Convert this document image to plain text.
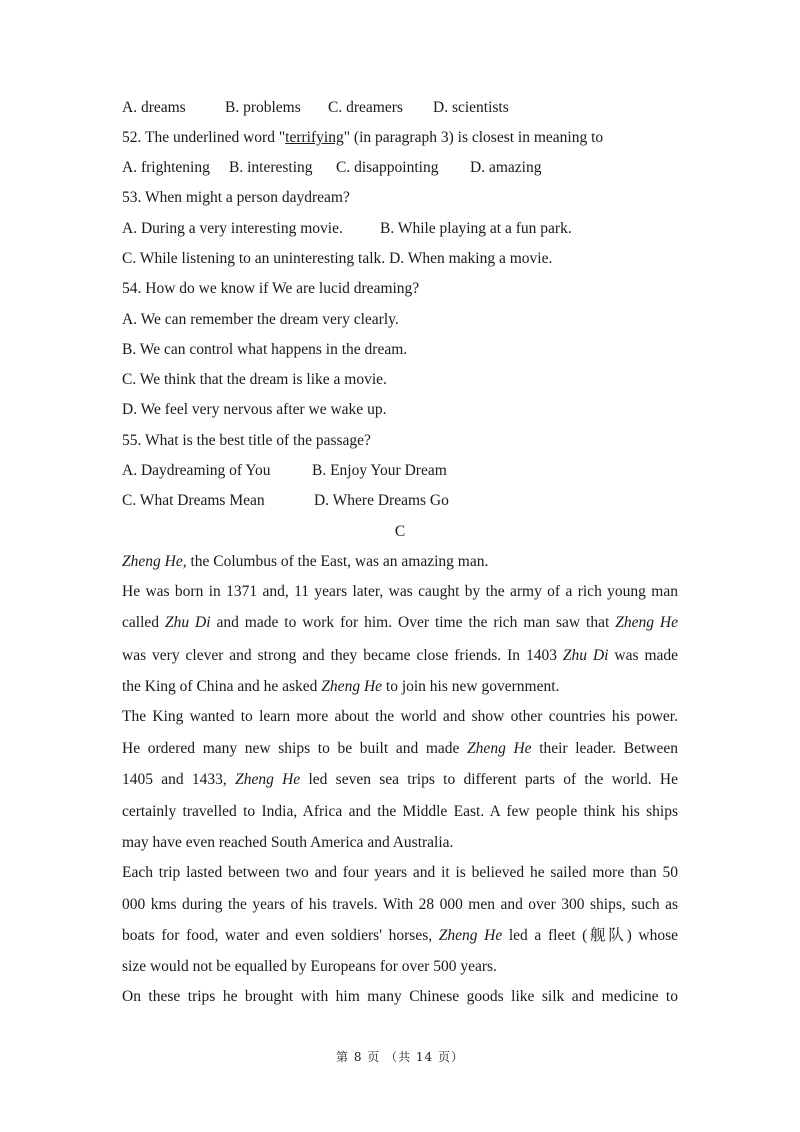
A. dreams	B. problems C. dreamers D. scientists
52. The underlined word "terrifying" (in paragraph 3) is closest in meaning to
A. frightening B. interesting C. disappointing D. amazing
53. When might a person daydream?
A. During a very interesting movie. B. While playing at a fun park.
C. While listening to an uninteresting talk. D. When making a movie.
54. How do we know if We are lucid dreaming?
A. We can remember the dream very clearly.
B. We can control what happens in the dream.
C. We think that the dream is like a movie.
D. We feel very nervous after we wake up.
55. What is the best title of the passage?
A. Daydreaming of You	B. Enjoy Your Dream
C. What Dreams Mean	D. Where Dreams Go
C
Zheng He, the Columbus of the East, was an amazing man.
He was born in 1371 and, 11 years later, was caught by the army of a rich young man
called Zhu Di and made to work for him. Over time the rich man saw that Zheng He
was very clever and strong and they became close friends. In 1403 Zhu Di was made
the King of China and he asked Zheng He to join his new government.
The King wanted to learn more about the world and show other countries his power.
He ordered many new ships to be built and made Zheng He their leader. Between
1405 and 1433, Zheng He led seven sea trips to different parts of the world. He
certainly travelled to India, Africa and the Middle East. A few people think his ships
may have even reached South America and Australia.
Each trip lasted between two and four years and it is believed he sailed more than 50
000 kms during the years of his travels. With 28 000 men and over 300 ships, such as
boats for food, water and even soldiers' horses, Zheng He led a fleet (舰队) whose
size would not be equalled by Europeans for over 500 years.
On these trips he brought with him many Chinese goods like silk and medicine to
第 8 页 （共 14 页）
